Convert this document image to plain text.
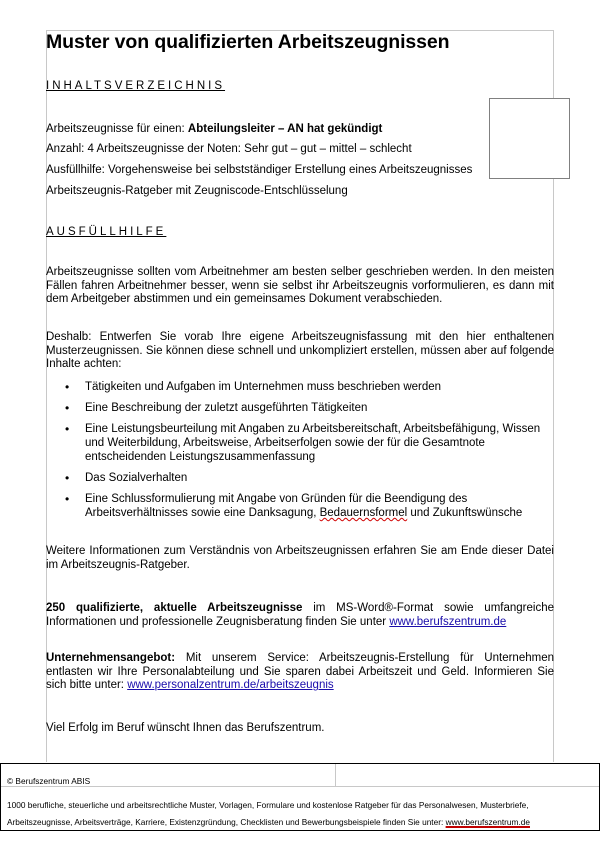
Muster von qualifizierten Arbeitszeugnissen
INHALTSVERZEICHNIS
Arbeitszeugnisse für einen: Abteilungsleiter – AN hat gekündigt
Anzahl: 4 Arbeitszeugnisse der Noten: Sehr gut – gut – mittel – schlecht
Ausfüllhilfe: Vorgehensweise bei selbstständiger Erstellung eines Arbeitszeugnisses
Arbeitszeugnis-Ratgeber mit Zeugniscode-Entschlüsselung
AUSFÜLLHILFE
Arbeitszeugnisse sollten vom Arbeitnehmer am besten selber geschrieben werden. In den meisten Fällen fahren Arbeitnehmer besser, wenn sie selbst ihr Arbeitszeugnis vorformulieren, es dann mit dem Arbeitgeber abstimmen und ein gemeinsames Dokument verabschieden.
Deshalb: Entwerfen Sie vorab Ihre eigene Arbeitszeugnisfassung mit den hier enthaltenen Musterzeugnissen. Sie können diese schnell und unkompliziert erstellen, müssen aber auf folgende Inhalte achten:
• Tätigkeiten und Aufgaben im Unternehmen muss beschrieben werden
• Eine Beschreibung der zuletzt ausgeführten Tätigkeiten
• Eine Leistungsbeurteilung mit Angaben zu Arbeitsbereitschaft, Arbeitsbefähigung, Wissen und Weiterbildung, Arbeitsweise, Arbeitserfolgen sowie der für die Gesamtnote entscheidenden Leistungszusammenfassung
• Das Sozialverhalten
• Eine Schlussformulierung mit Angabe von Gründen für die Beendigung des Arbeitsverhältnisses sowie eine Danksagung, Bedauernsformel und Zukunftswünsche
Weitere Informationen zum Verständnis von Arbeitszeugnissen erfahren Sie am Ende dieser Datei im Arbeitszeugnis-Ratgeber.
250 qualifizierte, aktuelle Arbeitszeugnisse im MS-Word®-Format sowie umfangreiche Informationen und professionelle Zeugnisberatung finden Sie unter www.berufszentrum.de
Unternehmensangebot: Mit unserem Service: Arbeitszeugnis-Erstellung für Unternehmen entlasten wir Ihre Personalabteilung und Sie sparen dabei Arbeitszeit und Geld. Informieren Sie sich bitte unter: www.personalzentrum.de/arbeitszeugnis
Viel Erfolg im Beruf wünscht Ihnen das Berufszentrum.
© Berufszentrum ABIS
1000 berufliche, steuerliche und arbeitsrechtliche Muster, Vorlagen, Formulare und kostenlose Ratgeber für das Personalwesen, Musterbriefe,
Arbeitszeugnisse, Arbeitsverträge, Karriere, Existenzgründung, Checklisten und Bewerbungsbeispiele finden Sie unter: www.berufszentrum.de
